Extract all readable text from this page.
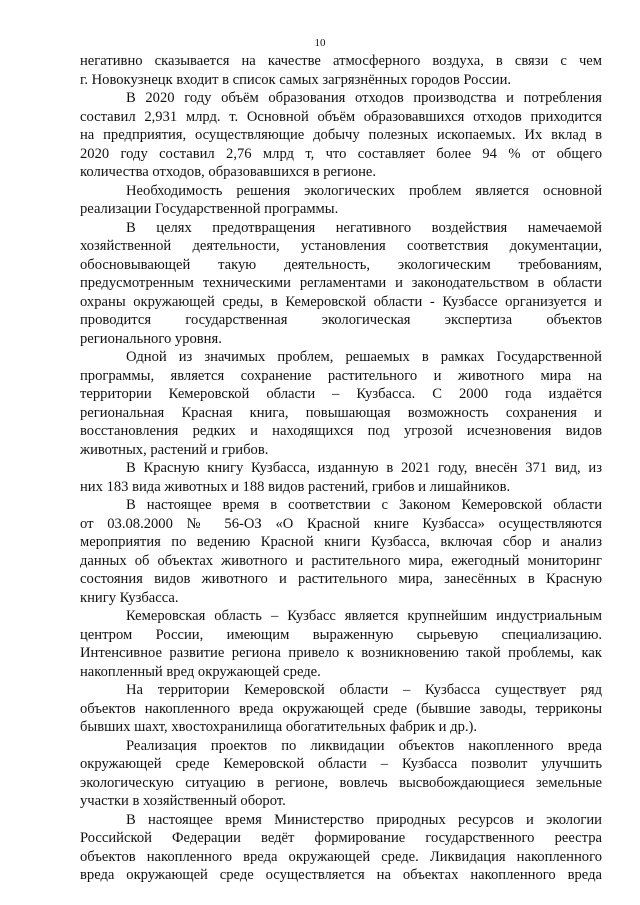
10
негативно сказывается на качестве атмосферного воздуха, в связи с чем
г. Новокузнецк входит в список самых загрязнённых городов России.
В 2020 году объём образования отходов производства и потребления
составил 2,931 млрд. т. Основной объём образовавшихся отходов приходится
на предприятия, осуществляющие добычу полезных ископаемых. Их вклад в
2020 году составил 2,76 млрд т, что составляет более 94 % от общего
количества отходов, образовавшихся в регионе.
Необходимость решения экологических проблем является основной
реализации Государственной программы.
В целях предотвращения негативного воздействия намечаемой
хозяйственной деятельности, установления соответствия документации,
обосновывающей такую деятельность, экологическим требованиям,
предусмотренным техническими регламентами и законодательством в области
охраны окружающей среды, в Кемеровской области - Кузбассе организуется и
проводится государственная экологическая экспертиза объектов
регионального уровня.
Одной из значимых проблем, решаемых в рамках Государственной
программы, является сохранение растительного и животного мира на
территории Кемеровской области – Кузбасса. С 2000 года издаётся
региональная Красная книга, повышающая возможность сохранения и
восстановления редких и находящихся под угрозой исчезновения видов
животных, растений и грибов.
В Красную книгу Кузбасса, изданную в 2021 году, внесён 371 вид, из
них 183 вида животных и 188 видов растений, грибов и лишайников.
В настоящее время в соответствии с Законом Кемеровской области
от 03.08.2000 № 56-ОЗ «О Красной книге Кузбасса» осуществляются
мероприятия по ведению Красной книги Кузбасса, включая сбор и анализ
данных об объектах животного и растительного мира, ежегодный мониторинг
состояния видов животного и растительного мира, занесённых в Красную
книгу Кузбасса.
Кемеровская область – Кузбасс является крупнейшим индустриальным
центром России, имеющим выраженную сырьевую специализацию.
Интенсивное развитие региона привело к возникновению такой проблемы, как
накопленный вред окружающей среде.
На территории Кемеровской области – Кузбасса существует ряд
объектов накопленного вреда окружающей среде (бывшие заводы, терриконы
бывших шахт, хвостохранилища обогатительных фабрик и др.).
Реализация проектов по ликвидации объектов накопленного вреда
окружающей среде Кемеровской области – Кузбасса позволит улучшить
экологическую ситуацию в регионе, вовлечь высвобождающиеся земельные
участки в хозяйственный оборот.
В настоящее время Министерство природных ресурсов и экологии
Российской Федерации ведёт формирование государственного реестра
объектов накопленного вреда окружающей среде. Ликвидация накопленного
вреда окружающей среде осуществляется на объектах накопленного вреда
